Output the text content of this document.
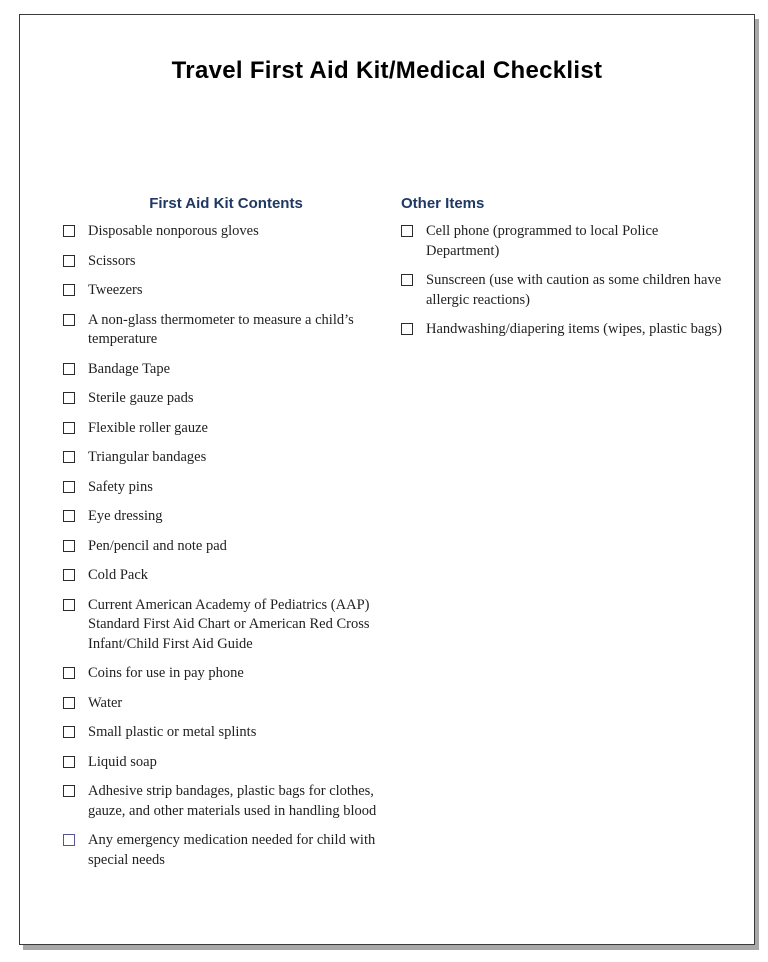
Travel First Aid Kit/Medical Checklist
First Aid Kit Contents
Disposable nonporous gloves
Scissors
Tweezers
A non-glass thermometer to measure a child’s temperature
Bandage Tape
Sterile gauze pads
Flexible roller gauze
Triangular bandages
Safety pins
Eye dressing
Pen/pencil and note pad
Cold Pack
Current American Academy of Pediatrics (AAP) Standard First Aid Chart or American Red Cross Infant/Child First Aid Guide
Coins for use in pay phone
Water
Small plastic or metal splints
Liquid soap
Adhesive strip bandages, plastic bags for clothes, gauze, and other materials used in handling blood
Any emergency medication needed for child with special needs
Other Items
Cell phone (programmed to local Police Department)
Sunscreen (use with caution as some children have allergic reactions)
Handwashing/diapering items (wipes, plastic bags)
